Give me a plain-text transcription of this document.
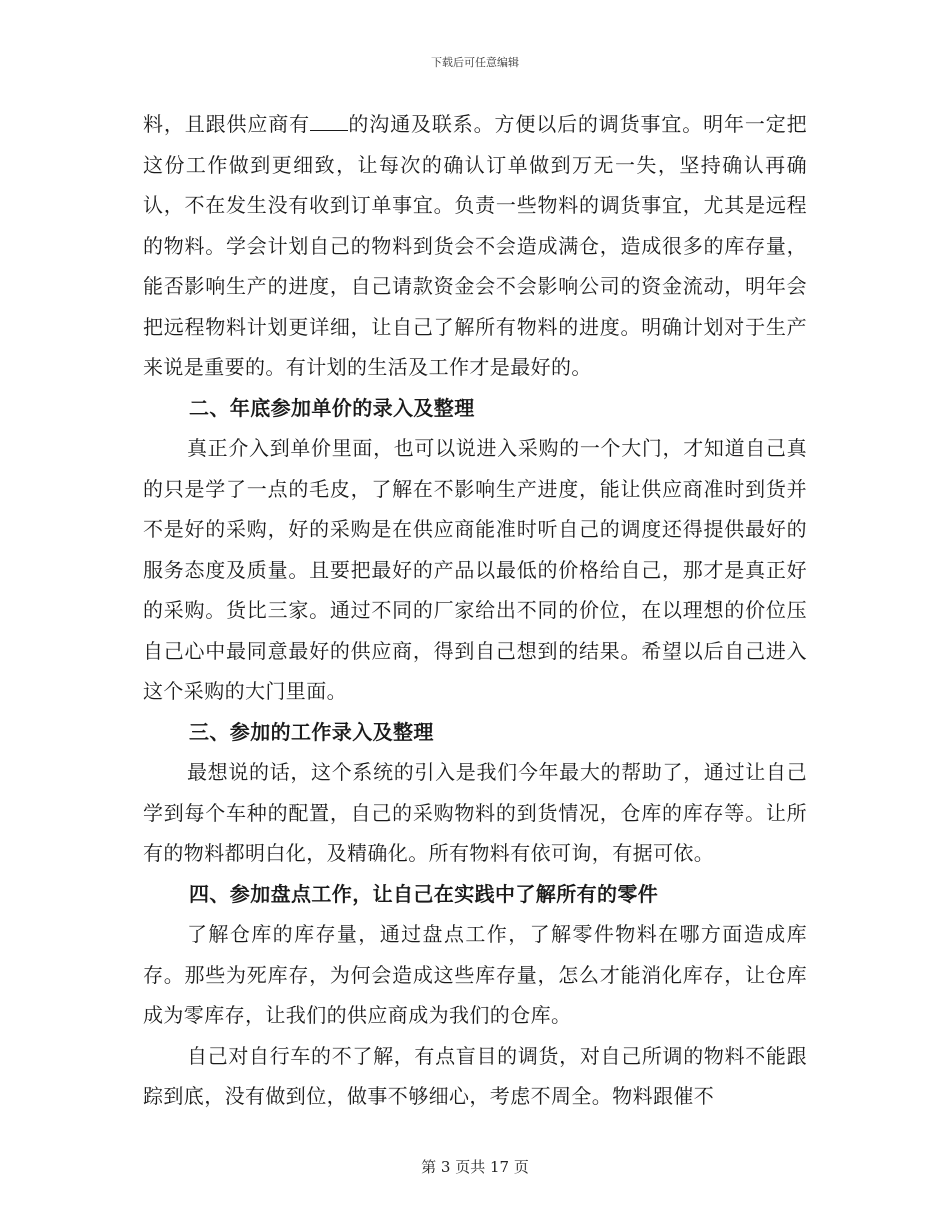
下载后可任意编辑

料，且跟供应商有 的沟通及联系。方便以后的调货事宜。明年一定把这份工作做到更细致，让每次的确认订单做到万无一失，坚持确认再确认，不在发生没有收到订单事宜。负责一些物料的调货事宜，尤其是远程的物料。学会计划自己的物料到货会不会造成满仓，造成很多的库存量，能否影响生产的进度，自己请款资金会不会影响公司的资金流动，明年会把远程物料计划更详细，让自己了解所有物料的进度。明确计划对于生产来说是重要的。有计划的生活及工作才是最好的。

二、年底参加单价的录入及整理

真正介入到单价里面，也可以说进入采购的一个大门，才知道自己真的只是学了一点的毛皮，了解在不影响生产进度，能让供应商准时到货并不是好的采购，好的采购是在供应商能准时听自己的调度还得提供最好的服务态度及质量。且要把最好的产品以最低的价格给自己，那才是真正好的采购。货比三家。通过不同的厂家给出不同的价位，在以理想的价位压自己心中最同意最好的供应商，得到自己想到的结果。希望以后自己进入这个采购的大门里面。

三、参加的工作录入及整理

最想说的话，这个系统的引入是我们今年最大的帮助了，通过让自己学到每个车种的配置，自己的采购物料的到货情况，仓库的库存等。让所有的物料都明白化，及精确化。所有物料有依可询，有据可依。

四、参加盘点工作，让自己在实践中了解所有的零件

了解仓库的库存量，通过盘点工作，了解零件物料在哪方面造成库存。那些为死库存，为何会造成这些库存量，怎么才能消化库存，让仓库成为零库存，让我们的供应商成为我们的仓库。

自己对自行车的不了解，有点盲目的调货，对自己所调的物料不能跟踪到底，没有做到位，做事不够细心，考虑不周全。物料跟催不

第 3 页共 17 页
